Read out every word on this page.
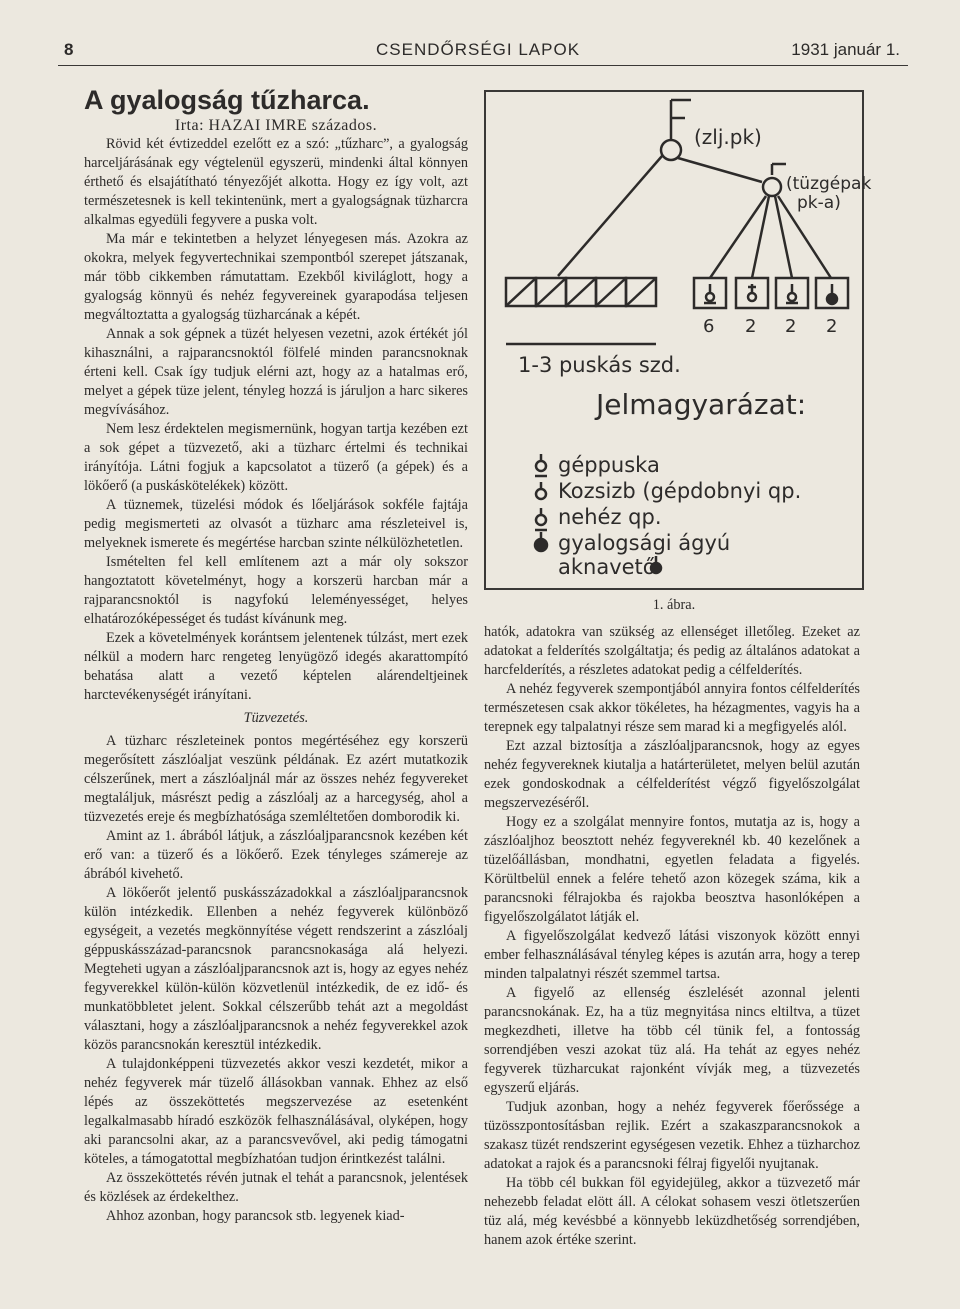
8	CSENDŐRSÉGI LAPOK	1931 január 1.

A gyalogság tűzharca.

Irta: HAZAI IMRE százados.

Rövid két évtizeddel ezelőtt ez a szó: „tűzharc”, a gyalogság harceljárásának egy végtelenül egyszerü, mindenki által könnyen érthető és elsajátítható tényezőjét alkotta. Hogy ez így volt, azt természetesnek is kell tekintenünk, mert a gyalogságnak tüzharcra alkalmas egyedüli fegyvere a puska volt.

Ma már e tekintetben a helyzet lényegesen más. Azokra az okokra, melyek fegyvertechnikai szempontból szerepet játszanak, már több cikkemben rámutattam. Ezekből kiviláglott, hogy a gyalogság könnyü és nehéz fegyvereinek gyarapodása teljesen megváltoztatta a gyalogság tüzharcának a képét.

Annak a sok gépnek a tüzét helyesen vezetni, azok értékét jól kihasználni, a rajparancsnoktól fölfelé minden parancsnoknak érteni kell. Csak így tudjuk elérni azt, hogy az a hatalmas erő, melyet a gépek tüze jelent, tényleg hozzá is járuljon a harc sikeres megvívásához.

Nem lesz érdektelen megismernünk, hogyan tartja kezében ezt a sok gépet a tüzvezető, aki a tüzharc értelmi és technikai irányítója. Látni fogjuk a kapcsolatot a tüzerő (a gépek) és a lökőerő (a puskáskötelékek) között.

A tüznemek, tüzelési módok és lőeljárások sokféle fajtája pedig megismerteti az olvasót a tüzharc ama részleteivel is, melyeknek ismerete és megértése harcban szinte nélkülözhetetlen.

Ismételten fel kell említenem azt a már oly sokszor hangoztatott követelményt, hogy a korszerü harcban már a rajparancsnoktól is nagyfokú leleményességet, helyes elhatározóképességet és tudást kívánunk meg.

Ezek a követelmények korántsem jelentenek túlzást, mert ezek nélkül a modern harc rengeteg lenyügöző idegés akarattompító behatása alatt a vezető képtelen alárendeltjeinek harctevékenységét irányítani.

Tüzvezetés.

A tüzharc részleteinek pontos megértéséhez egy korszerü megerősített zászlóaljat veszünk példának. Ez azért mutatkozik célszerűnek, mert a zászlóaljnál már az összes nehéz fegyvereket megtaláljuk, másrészt pedig a zászlóalj az a harcegység, ahol a tüzvezetés ereje és megbízhatósága szemléltetően domborodik ki.

Amint az 1. ábrából látjuk, a zászlóaljparancsnok kezében két erő van: a tüzerő és a lökőerő. Ezek tényleges számereje az ábrából kivehető.

A lökőerőt jelentő puskásszázadokkal a zászlóaljparancsnok külön intézkedik. Ellenben a nehéz fegyverek különböző egységeit, a vezetés megkönnyítése végett rendszerint a zászlóalj géppuskásszázad-parancsnok parancsnokasága alá helyezi. Megteheti ugyan a zászlóaljparancsnok azt is, hogy az egyes nehéz fegyverekkel külön-külön közvetlenül intézkedik, de ez idő- és munkatöbbletet jelent. Sokkal célszerűbb tehát azt a megoldást választani, hogy a zászlóaljparancsnok a nehéz fegyverekkel azok közös parancsnokán keresztül intézkedik.

A tulajdonképpeni tüzvezetés akkor veszi kezdetét, mikor a nehéz fegyverek már tüzelő állásokban vannak. Ehhez az első lépés az összeköttetés megszervezése az esetenként legalkalmasabb híradó eszközök felhasználásával, olyképen, hogy aki parancsolni akar, az a parancsvevővel, aki pedig támogatni köteles, a támogatottal megbízhatóan tudjon érintkezést találni.

Az összeköttetés révén jutnak el tehát a parancsnok, jelentések és közlések az érdekelthez.

Ahhoz azonban, hogy parancsok stb. legyenek kiad-

(zlj.pk)
(tüzgépak
pk-a)
6 2 2 2
1-3 puskás szd.
Jelmagyarázat:
géppuska
Kozsizb (gépdobnyi qp.
nehéz qp.
gyalogsági ágyú
aknavető
1. ábra.

hatók, adatokra van szükség az ellenséget illetőleg. Ezeket az adatokat a felderítés szolgáltatja; és pedig az általános adatokat a harcfelderítés, a részletes adatokat pedig a célfelderítés.

A nehéz fegyverek szempontjából annyira fontos célfelderítés természetesen csak akkor tökéletes, ha hézagmentes, vagyis ha a terepnek egy talpalatnyi része sem marad ki a megfigyelés alól.

Ezt azzal biztosítja a zászlóaljparancsnok, hogy az egyes nehéz fegyvereknek kiutalja a határterületet, melyen belül azután ezek gondoskodnak a célfelderítést végző figyelőszolgálat megszervezéséről.

Hogy ez a szolgálat mennyire fontos, mutatja az is, hogy a zászlóaljhoz beosztott nehéz fegyvereknél kb. 40 kezelőnek a tüzelőállásban, mondhatni, egyetlen feladata a figyelés. Körültbelül ennek a felére tehető azon közegek száma, kik a parancsnoki félrajokba és rajokba beosztva hasonlóképen a figyelőszolgálatot látják el.

A figyelőszolgálat kedvező látási viszonyok között ennyi ember felhasználásával tényleg képes is azután arra, hogy a terep minden talpalatnyi részét szemmel tartsa.

A figyelő az ellenség észlelését azonnal jelenti parancsnokának. Ez, ha a tüz megnyitása nincs eltiltva, a tüzet megkezdheti, illetve ha több cél tünik fel, a fontosság sorrendjében veszi azokat tüz alá. Ha tehát az egyes nehéz fegyverek tüzharcukat rajonként vívják meg, a tüzvezetés egyszerű eljárás.

Tudjuk azonban, hogy a nehéz fegyverek főerőssége a tüzösszpontosításban rejlik. Ezért a szakaszparancsnokok a szakasz tüzét rendszerint egységesen vezetik. Ehhez a tüzharchoz adatokat a rajok és a parancsnoki félraj figyelői nyujtanak.

Ha több cél bukkan föl egyidejüleg, akkor a tüzvezető már nehezebb feladat elött áll. A célokat sohasem veszi ötletszerűen tüz alá, még kevésbbé a könnyebb leküzdhetőség sorrendjében, hanem azok értéke szerint.
